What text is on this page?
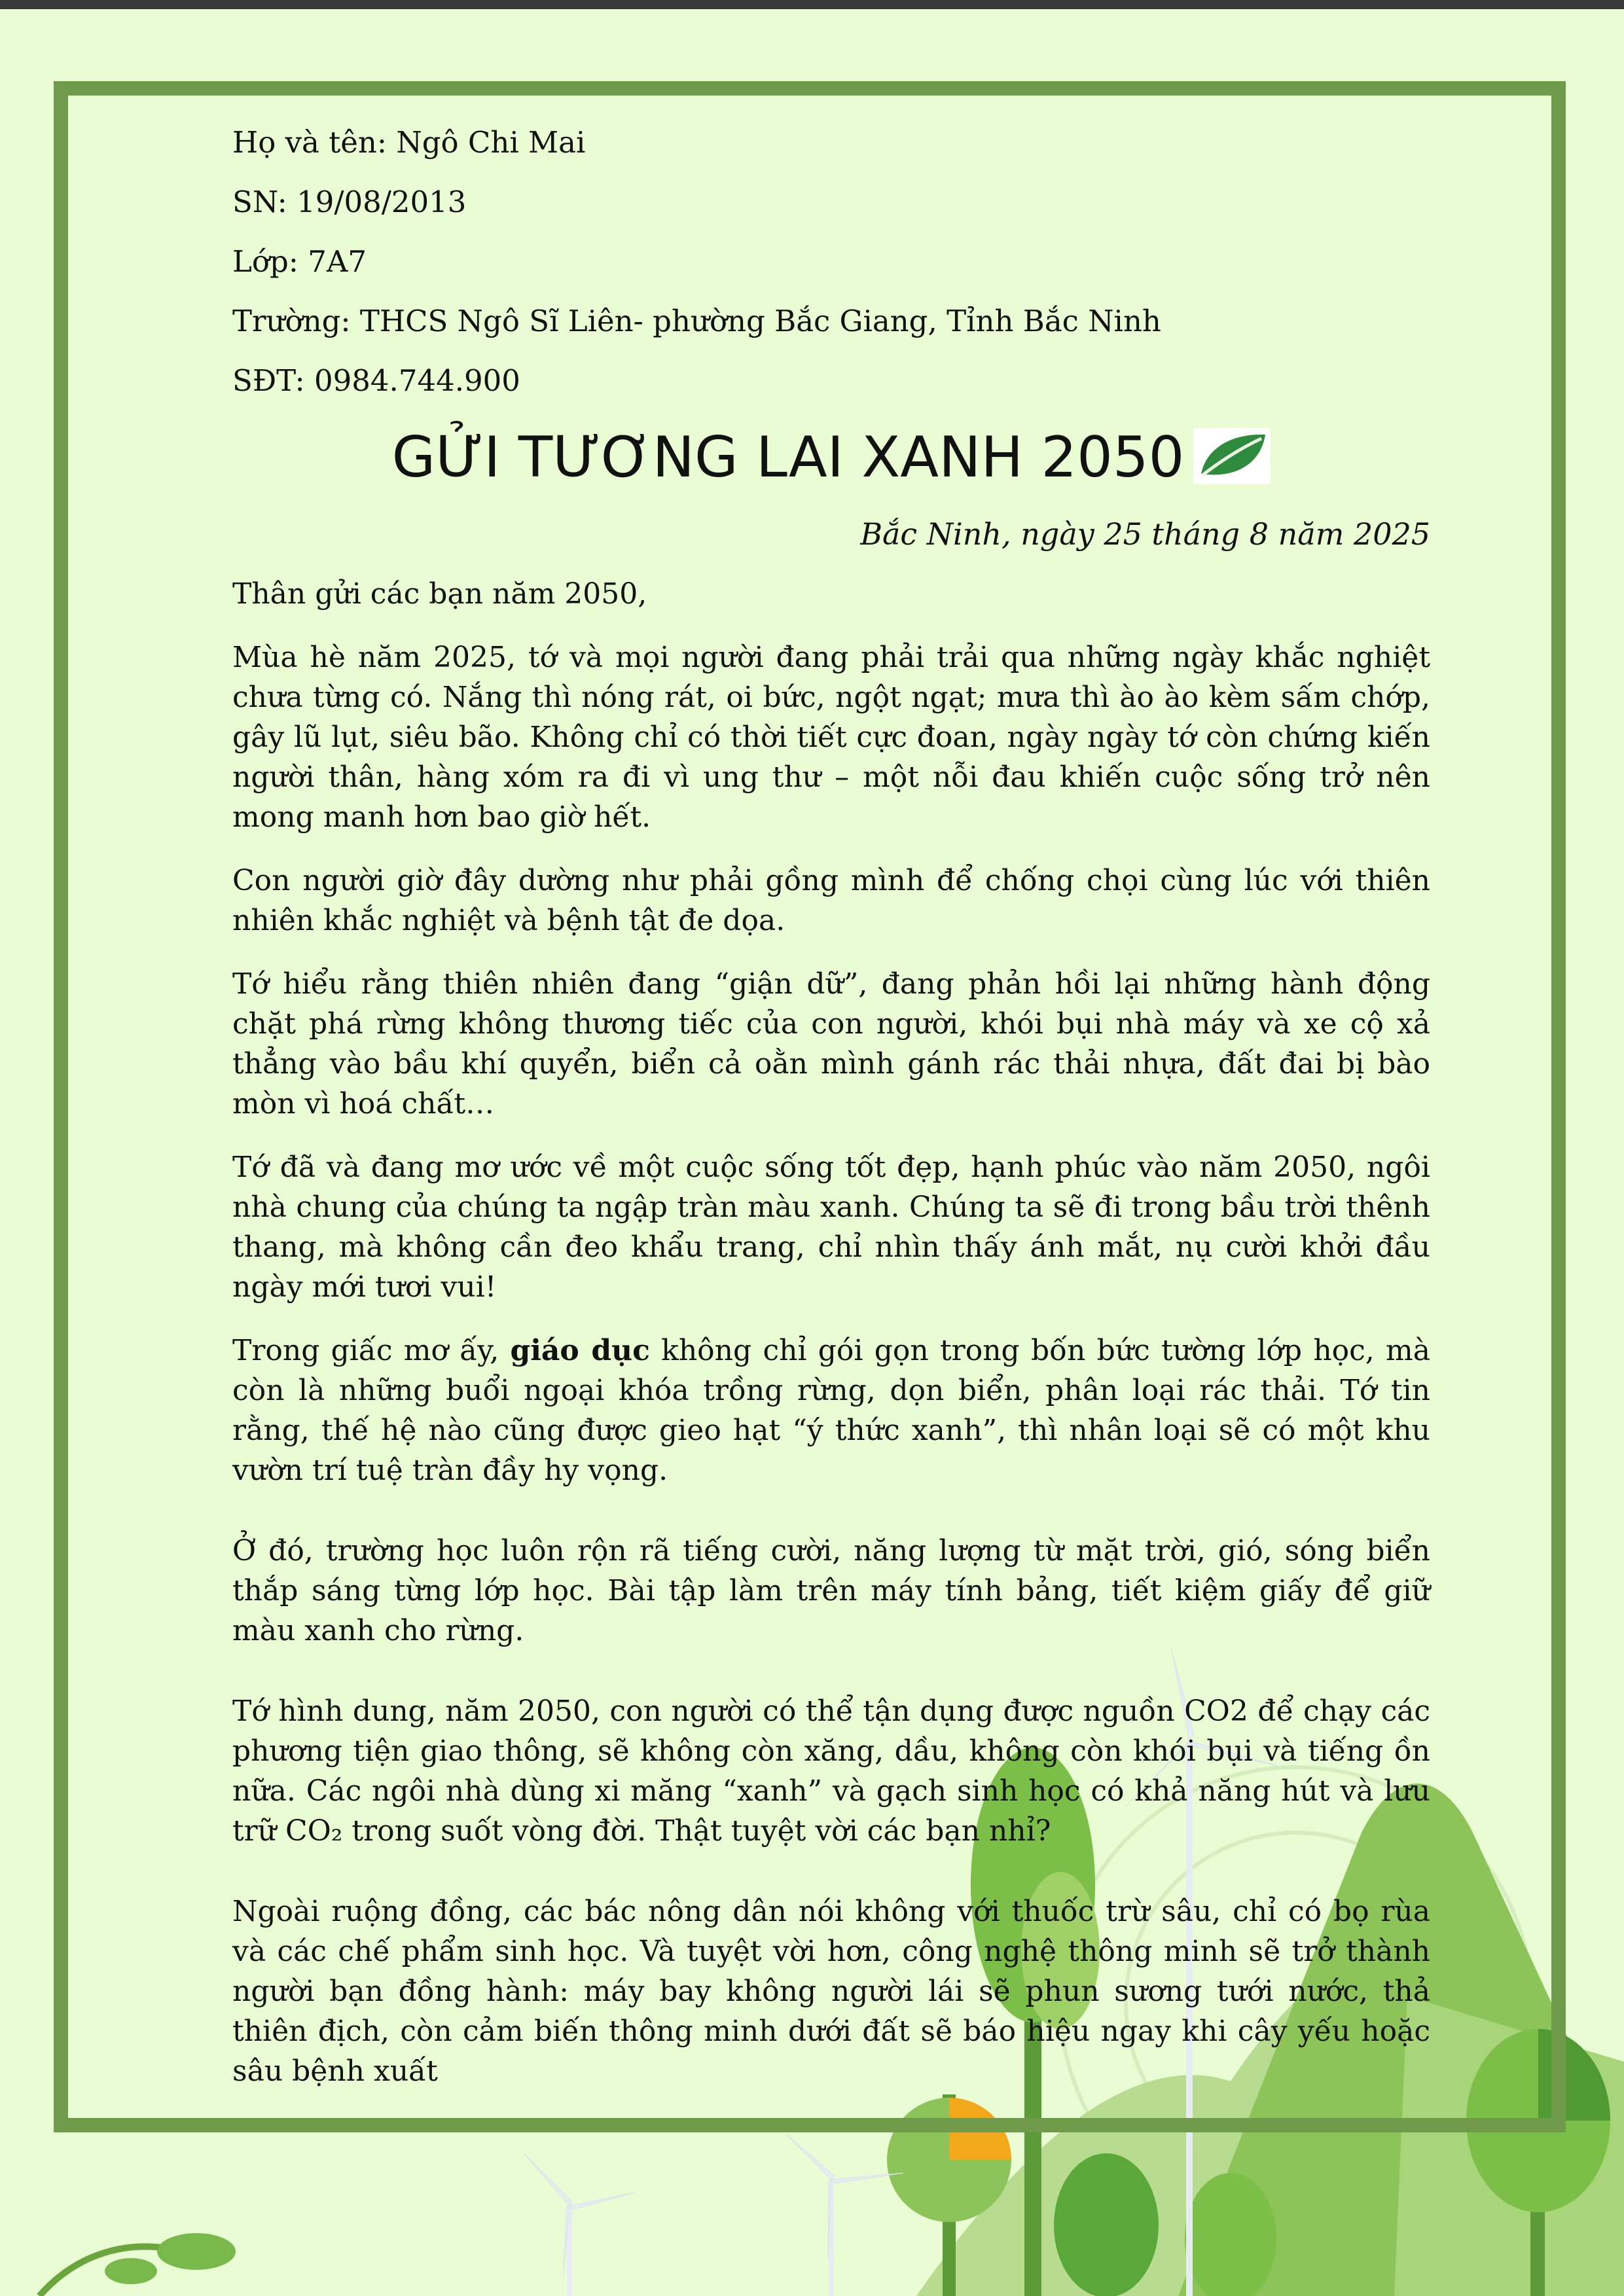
Họ và tên: Ngô Chi Mai
SN: 19/08/2013
Lớp: 7A7
Trường: THCS Ngô Sĩ Liên- phường Bắc Giang, Tỉnh Bắc Ninh
SĐT: 0984.744.900
GỬI TƯƠNG LAI XANH 2050
Bắc Ninh, ngày 25 tháng 8 năm 2025

Thân gửi các bạn năm 2050,

Mùa hè năm 2025, tớ và mọi người đang phải trải qua những ngày khắc nghiệt chưa từng có. Nắng thì nóng rát, oi bức, ngột ngạt; mưa thì ào ào kèm sấm chớp, gây lũ lụt, siêu bão. Không chỉ có thời tiết cực đoan, ngày ngày tớ còn chứng kiến người thân, hàng xóm ra đi vì ung thư – một nỗi đau khiến cuộc sống trở nên mong manh hơn bao giờ hết.

Con người giờ đây dường như phải gồng mình để chống chọi cùng lúc với thiên nhiên khắc nghiệt và bệnh tật đe dọa.

Tớ hiểu rằng thiên nhiên đang “giận dữ”, đang phản hồi lại những hành động chặt phá rừng không thương tiếc của con người, khói bụi nhà máy và xe cộ xả thẳng vào bầu khí quyển, biển cả oằn mình gánh rác thải nhựa, đất đai bị bào mòn vì hoá chất…

Tớ đã và đang mơ ước về một cuộc sống tốt đẹp, hạnh phúc vào năm 2050, ngôi nhà chung của chúng ta ngập tràn màu xanh. Chúng ta sẽ đi trong bầu trời thênh thang, mà không cần đeo khẩu trang, chỉ nhìn thấy ánh mắt, nụ cười khởi đầu ngày mới tươi vui!

Trong giấc mơ ấy, giáo dục không chỉ gói gọn trong bốn bức tường lớp học, mà còn là những buổi ngoại khóa trồng rừng, dọn biển, phân loại rác thải. Tớ tin rằng, thế hệ nào cũng được gieo hạt “ý thức xanh”, thì nhân loại sẽ có một khu vườn trí tuệ tràn đầy hy vọng.

Ở đó, trường học luôn rộn rã tiếng cười, năng lượng từ mặt trời, gió, sóng biển thắp sáng từng lớp học. Bài tập làm trên máy tính bảng, tiết kiệm giấy để giữ màu xanh cho rừng.

Tớ hình dung, năm 2050, con người có thể tận dụng được nguồn CO2 để chạy các phương tiện giao thông, sẽ không còn xăng, dầu, không còn khói bụi và tiếng ồn nữa. Các ngôi nhà dùng xi măng “xanh” và gạch sinh học có khả năng hút và lưu trữ CO₂ trong suốt vòng đời. Thật tuyệt vời các bạn nhỉ?

Ngoài ruộng đồng, các bác nông dân nói không với thuốc trừ sâu, chỉ có bọ rùa và các chế phẩm sinh học. Và tuyệt vời hơn, công nghệ thông minh sẽ trở thành người bạn đồng hành: máy bay không người lái sẽ phun sương tưới nước, thả thiên địch, còn cảm biến thông minh dưới đất sẽ báo hiệu ngay khi cây yếu hoặc sâu bệnh xuất
